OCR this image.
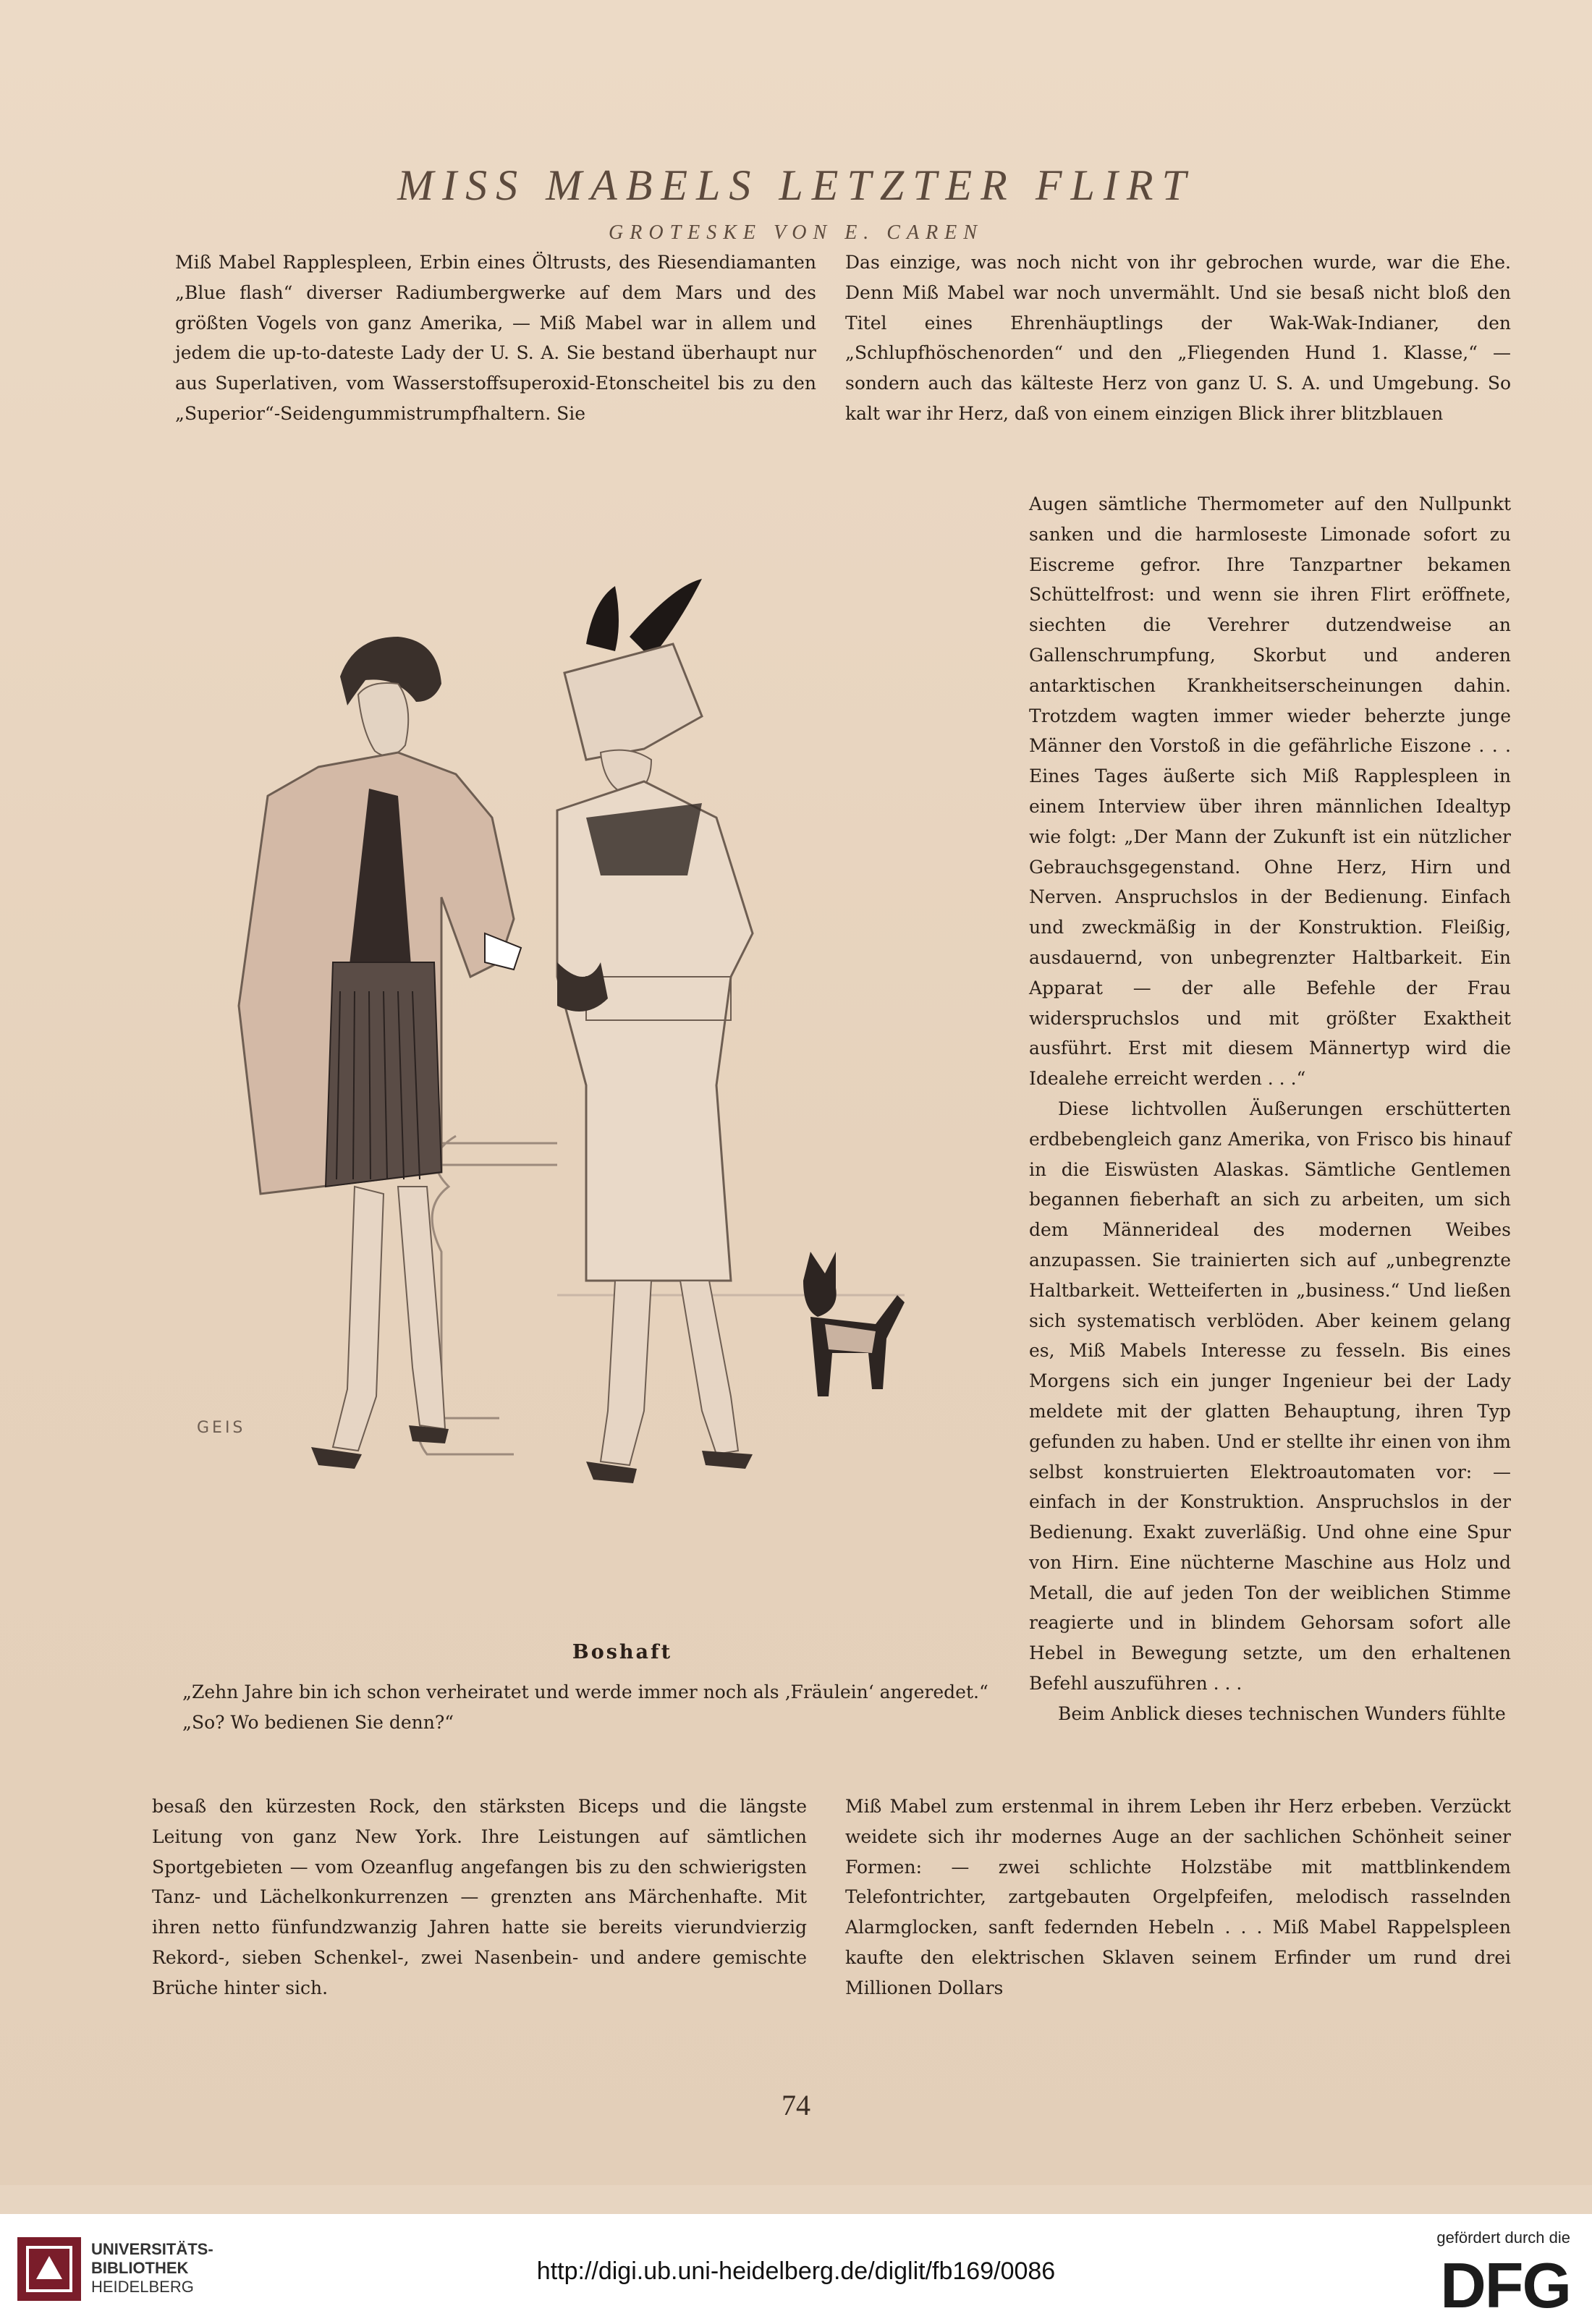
MISS MABELS LETZTER FLIRT
GROTESKE VON E. CAREN

Miß Mabel Rapplespleen, Erbin eines Öltrusts, des Riesendiamanten „Blue flash“ diverser Radiumbergwerke auf dem Mars und des größten Vogels von ganz Amerika, — Miß Mabel war in allem und jedem die up-to-dateste Lady der U. S. A. Sie bestand überhaupt nur aus Superlativen, vom Wasserstoffsuperoxid-Etonscheitel bis zu den „Superior“-Seidengummistrumpfhaltern. Sie

Das einzige, was noch nicht von ihr gebrochen wurde, war die Ehe. Denn Miß Mabel war noch unvermählt. Und sie besaß nicht bloß den Titel eines Ehrenhäuptlings der Wak-Wak-Indianer, den „Schlupfhöschenorden“ und den „Fliegenden Hund 1. Klasse,“ — sondern auch das kälteste Herz von ganz U. S. A. und Umgebung. So kalt war ihr Herz, daß von einem einzigen Blick ihrer blitzblauen

Augen sämtliche Thermometer auf den Nullpunkt sanken und die harmloseste Limonade sofort zu Eiscreme gefror. Ihre Tanzpartner bekamen Schüttelfrost: und wenn sie ihren Flirt eröffnete, siechten die Verehrer dutzendweise an Gallenschrumpfung, Skorbut und anderen antarktischen Krankheitserscheinungen dahin. Trotzdem wagten immer wieder beherzte junge Männer den Vorstoß in die gefährliche Eiszone . . . Eines Tages äußerte sich Miß Rapplespleen in einem Interview über ihren männlichen Idealtyp wie folgt: „Der Mann der Zukunft ist ein nützlicher Gebrauchsgegenstand. Ohne Herz, Hirn und Nerven. Anspruchslos in der Bedienung. Einfach und zweckmäßig in der Konstruktion. Fleißig, ausdauernd, von unbegrenzter Haltbarkeit. Ein Apparat — der alle Befehle der Frau widerspruchslos und mit größter Exaktheit ausführt. Erst mit diesem Männertyp wird die Idealehe erreicht werden . . .“

Diese lichtvollen Äußerungen erschütterten erdbebengleich ganz Amerika, von Frisco bis hinauf in die Eiswüsten Alaskas. Sämtliche Gentlemen begannen fieberhaft an sich zu arbeiten, um sich dem Männerideal des modernen Weibes anzupassen. Sie trainierten sich auf „unbegrenzte Haltbarkeit. Wetteiferten in „business.“ Und ließen sich systematisch verblöden. Aber keinem gelang es, Miß Mabels Interesse zu fesseln. Bis eines Morgens sich ein junger Ingenieur bei der Lady meldete mit der glatten Behauptung, ihren Typ gefunden zu haben. Und er stellte ihr einen von ihm selbst konstruierten Elektroautomaten vor: — einfach in der Konstruktion. Anspruchslos in der Bedienung. Exakt zuverläßig. Und ohne eine Spur von Hirn. Eine nüchterne Maschine aus Holz und Metall, die auf jeden Ton der weiblichen Stimme reagierte und in blindem Gehorsam sofort alle Hebel in Bewegung setzte, um den erhaltenen Befehl auszuführen . . .

Beim Anblick dieses technischen Wunders fühlte

GEIS
Boshaft
„Zehn Jahre bin ich schon verheiratet und werde immer noch als ‚Fräulein‘ angeredet.“
„So? Wo bedienen Sie denn?“

besaß den kürzesten Rock, den stärksten Biceps und die längste Leitung von ganz New York. Ihre Leistungen auf sämtlichen Sportgebieten — vom Ozeanflug angefangen bis zu den schwierigsten Tanz- und Lächelkonkurrenzen — grenzten ans Märchenhafte. Mit ihren netto fünfundzwanzig Jahren hatte sie bereits vierundvierzig Rekord-, sieben Schenkel-, zwei Nasenbein- und andere gemischte Brüche hinter sich.

Miß Mabel zum erstenmal in ihrem Leben ihr Herz erbeben. Verzückt weidete sich ihr modernes Auge an der sachlichen Schönheit seiner Formen: — zwei schlichte Holzstäbe mit mattblinkendem Telefontrichter, zartgebauten Orgelpfeifen, melodisch rasselnden Alarmglocken, sanft federnden Hebeln . . . Miß Mabel Rappelspleen kaufte den elektrischen Sklaven seinem Erfinder um rund drei Millionen Dollars

74
UNIVERSITÄTS-
BIBLIOTHEK
HEIDELBERG
http://digi.ub.uni-heidelberg.de/diglit/fb169/0086
gefördert durch die
DFG
